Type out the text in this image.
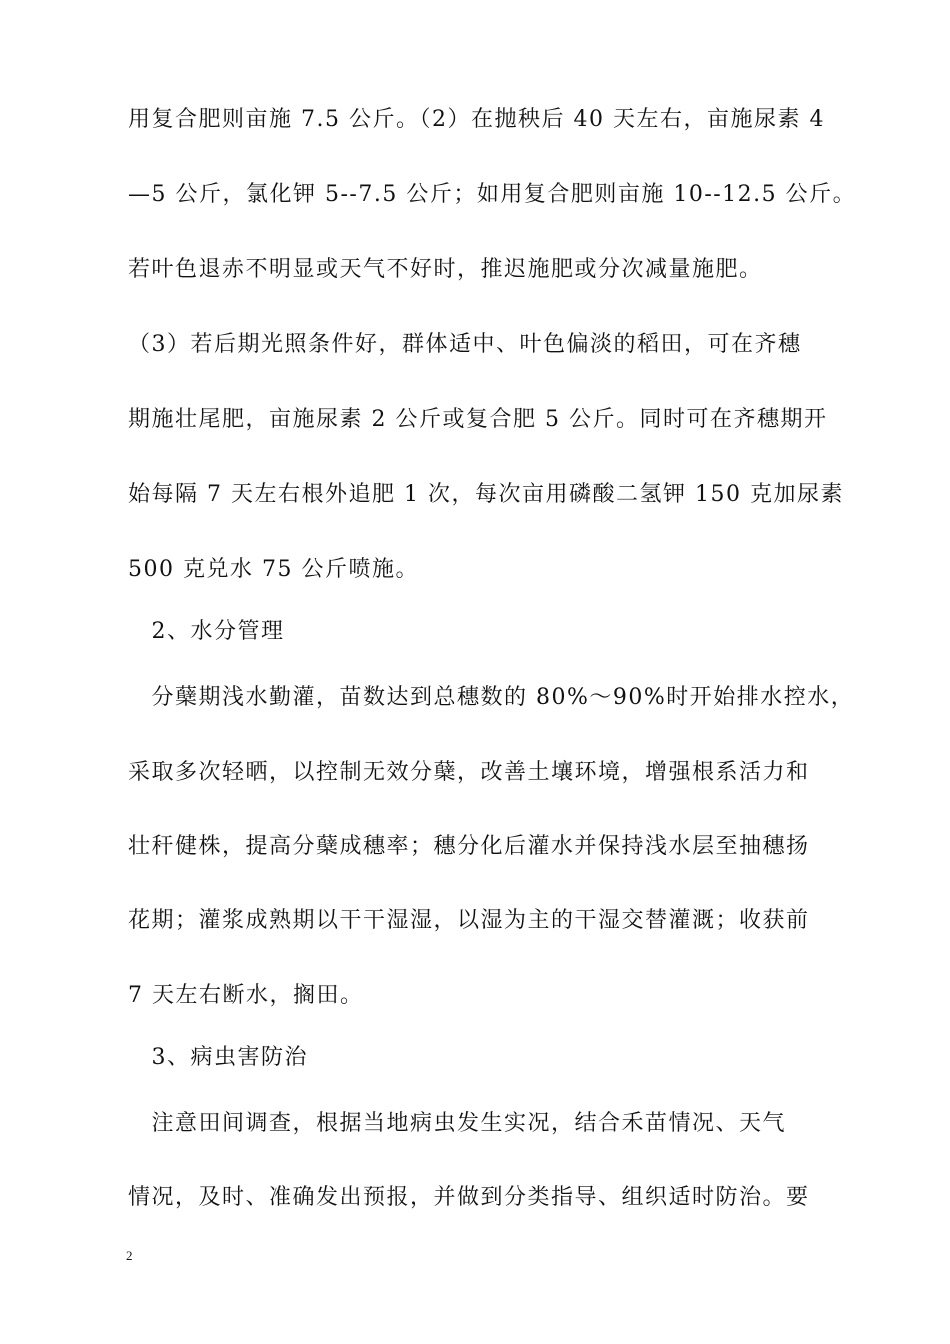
用复合肥则亩施 7.5 公斤。（2）在抛秧后 40 天左右，亩施尿素 4
—5 公斤，氯化钾 5--7.5 公斤；如用复合肥则亩施 10--12.5 公斤。
若叶色退赤不明显或天气不好时，推迟施肥或分次减量施肥。
（3）若后期光照条件好，群体适中、叶色偏淡的稻田，可在齐穗
期施壮尾肥，亩施尿素 2 公斤或复合肥 5 公斤。同时可在齐穗期开
始每隔 7 天左右根外追肥 1 次，每次亩用磷酸二氢钾 150 克加尿素
500 克兑水 75 公斤喷施。
　2、水分管理
　分蘖期浅水勤灌，苗数达到总穗数的 80%～90%时开始排水控水，
采取多次轻晒，以控制无效分蘖，改善土壤环境，增强根系活力和
壮秆健株，提高分蘖成穗率；穗分化后灌水并保持浅水层至抽穗扬
花期；灌浆成熟期以干干湿湿，以湿为主的干湿交替灌溉；收获前
7 天左右断水，搁田。
　3、病虫害防治
　注意田间调查，根据当地病虫发生实况，结合禾苗情况、天气
情况，及时、准确发出预报，并做到分类指导、组织适时防治。要
2
